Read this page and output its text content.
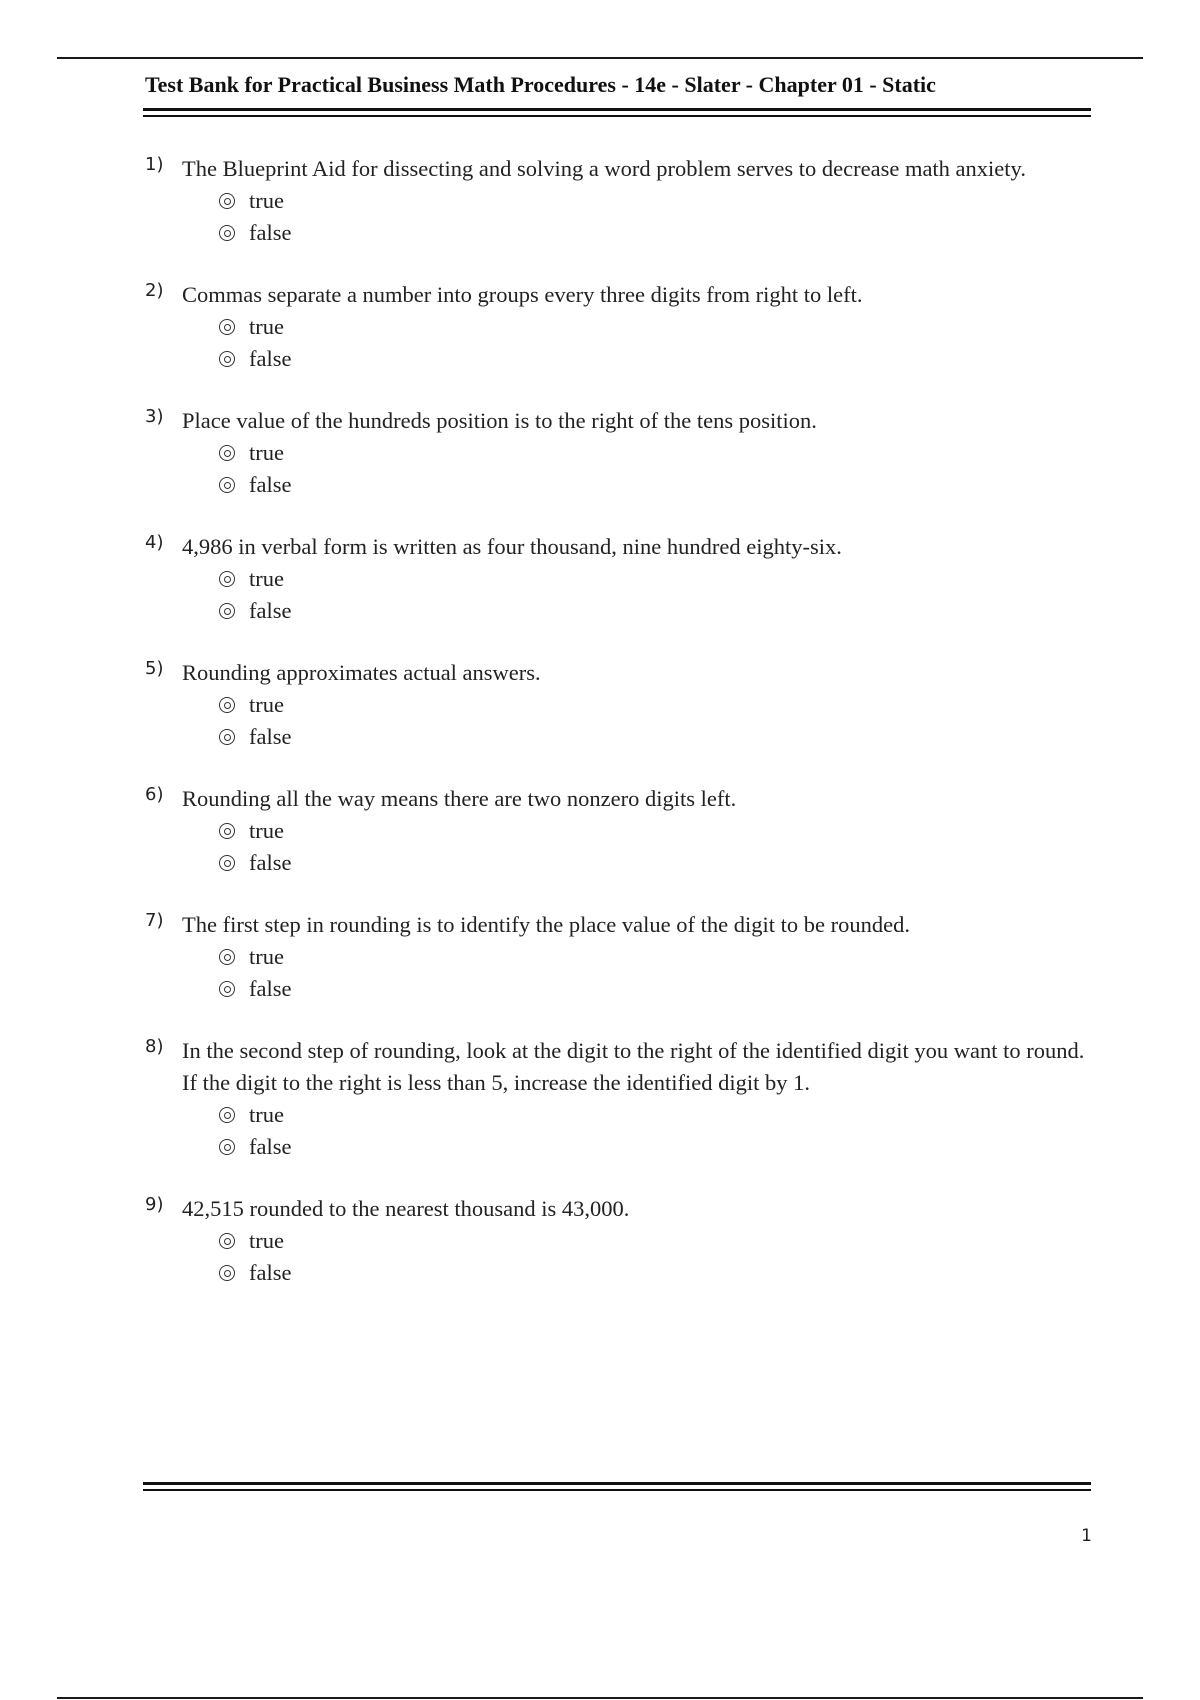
Test Bank for Practical Business Math Procedures - 14e - Slater - Chapter 01 - Static
1) The Blueprint Aid for dissecting and solving a word problem serves to decrease math anxiety.
true
false
2) Commas separate a number into groups every three digits from right to left.
true
false
3) Place value of the hundreds position is to the right of the tens position.
true
false
4) 4,986 in verbal form is written as four thousand, nine hundred eighty-six.
true
false
5) Rounding approximates actual answers.
true
false
6) Rounding all the way means there are two nonzero digits left.
true
false
7) The first step in rounding is to identify the place value of the digit to be rounded.
true
false
8) In the second step of rounding, look at the digit to the right of the identified digit you want to round. If the digit to the right is less than 5, increase the identified digit by 1.
true
false
9) 42,515 rounded to the nearest thousand is 43,000.
true
false
1
